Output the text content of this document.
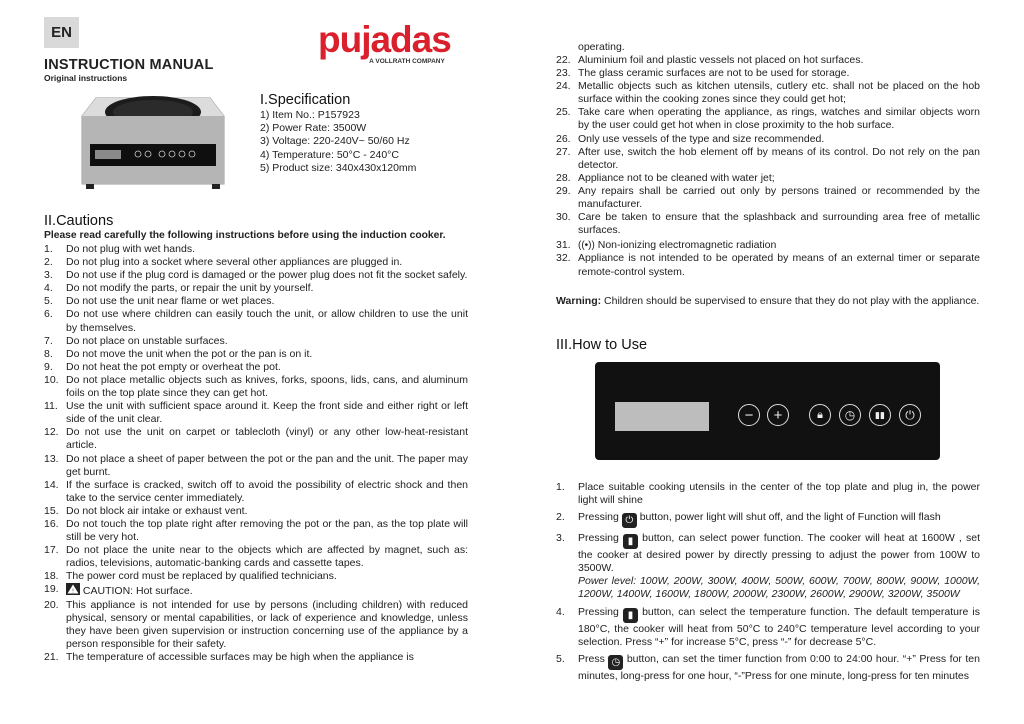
EN
INSTRUCTION MANUAL
Original instructions
pujadas
A VOLLRATH COMPANY
I.Specification
1) Item No.: P157923
2) Power Rate: 3500W
3) Voltage: 220-240V~ 50/60 Hz
4) Temperature: 50°C - 240°C
5) Product size: 340x430x120mm
II.Cautions
Please read carefully the following instructions before using the induction cooker.
1. Do not plug with wet hands.
2. Do not plug into a socket where several other appliances are plugged in.
3. Do not use if the plug cord is damaged or the power plug does not fit the socket safely.
4. Do not modify the parts, or repair the unit by yourself.
5. Do not use the unit near flame or wet places.
6. Do not use where children can easily touch the unit, or allow children to use the unit by themselves.
7. Do not place on unstable surfaces.
8. Do not move the unit when the pot or the pan is on it.
9. Do not heat the pot empty or overheat the pot.
10. Do not place metallic objects such as knives, forks, spoons, lids, cans, and aluminum foils on the top plate since they can get hot.
11. Use the unit with sufficient space around it. Keep the front side and either right or left side of the unit clear.
12. Do not use the unit on carpet or tablecloth (vinyl) or any other low-heat-resistant article.
13. Do not place a sheet of paper between the pot or the pan and the unit. The paper may get burnt.
14. If the surface is cracked, switch off to avoid the possibility of electric shock and then take to the service center immediately.
15. Do not block air intake or exhaust vent.
16. Do not touch the top plate right after removing the pot or the pan, as the top plate will still be very hot.
17. Do not place the unite near to the objects which are affected by magnet, such as: radios, televisions, automatic-banking cards and cassette tapes.
18. The power cord must be replaced by qualified technicians.
19.	! CAUTION: Hot surface.
20. This appliance is not intended for use by persons (including children) with reduced physical, sensory or mental capabilities, or lack of experience and knowledge, unless they have been given supervision or instruction concerning use of the appliance by a person responsible for their safety.
21. The temperature of accessible surfaces may be high when the appliance is
operating.
22. Aluminium foil and plastic vessels not placed on hot surfaces.
23. The glass ceramic surfaces are not to be used for storage.
24. Metallic objects such as kitchen utensils, cutlery etc. shall not be placed on the hob surface within the cooking zones since they could get hot;
25. Take care when operating the appliance, as rings, watches and similar objects worn by the user could get hot when in close proximity to the hob surface.
26. Only use vessels of the type and size recommended.
27. After use, switch the hob element off by means of its control. Do not rely on the pan detector.
28. Appliance not to be cleaned with water jet;
29. Any repairs shall be carried out only by persons trained or recommended by the manufacturer.
30. Care be taken to ensure that the splashback and surrounding area free of metallic surfaces.
31. ((•)) Non-ionizing electromagnetic radiation
32. Appliance is not intended to be operated by means of an external timer or separate remote-control system.
Warning: Children should be supervised to ensure that they do not play with the appliance.
III.How to Use
−	+	🔒︎	◷	▮▮	⏻
1. Place suitable cooking utensils in the center of the top plate and plug in, the power light will shine
2. Pressing ⏻ button, power light will shut off, and the light of Function will flash
3. Pressing ▮ button, can select power function. The cooker will heat at 1600W , set the cooker at desired power by directly pressing to adjust the power from 100W to 3500W.
Power level: 100W, 200W, 300W, 400W, 500W, 600W, 700W, 800W, 900W, 1000W, 1200W, 1400W, 1600W, 1800W, 2000W, 2300W, 2600W, 2900W, 3200W, 3500W
4. Pressing ▮ button, can select the temperature function. The default temperature is 180°C, the cooker will heat from 50°C to 240°C temperature level according to your selection. Press “+” for increase 5°C, press “-” for decrease 5°C.
5. Press ◷ button, can set the timer function from 0:00 to 24:00 hour. “+” Press for ten minutes, long-press for one hour, “-”Press for one minute, long-press for ten minutes
